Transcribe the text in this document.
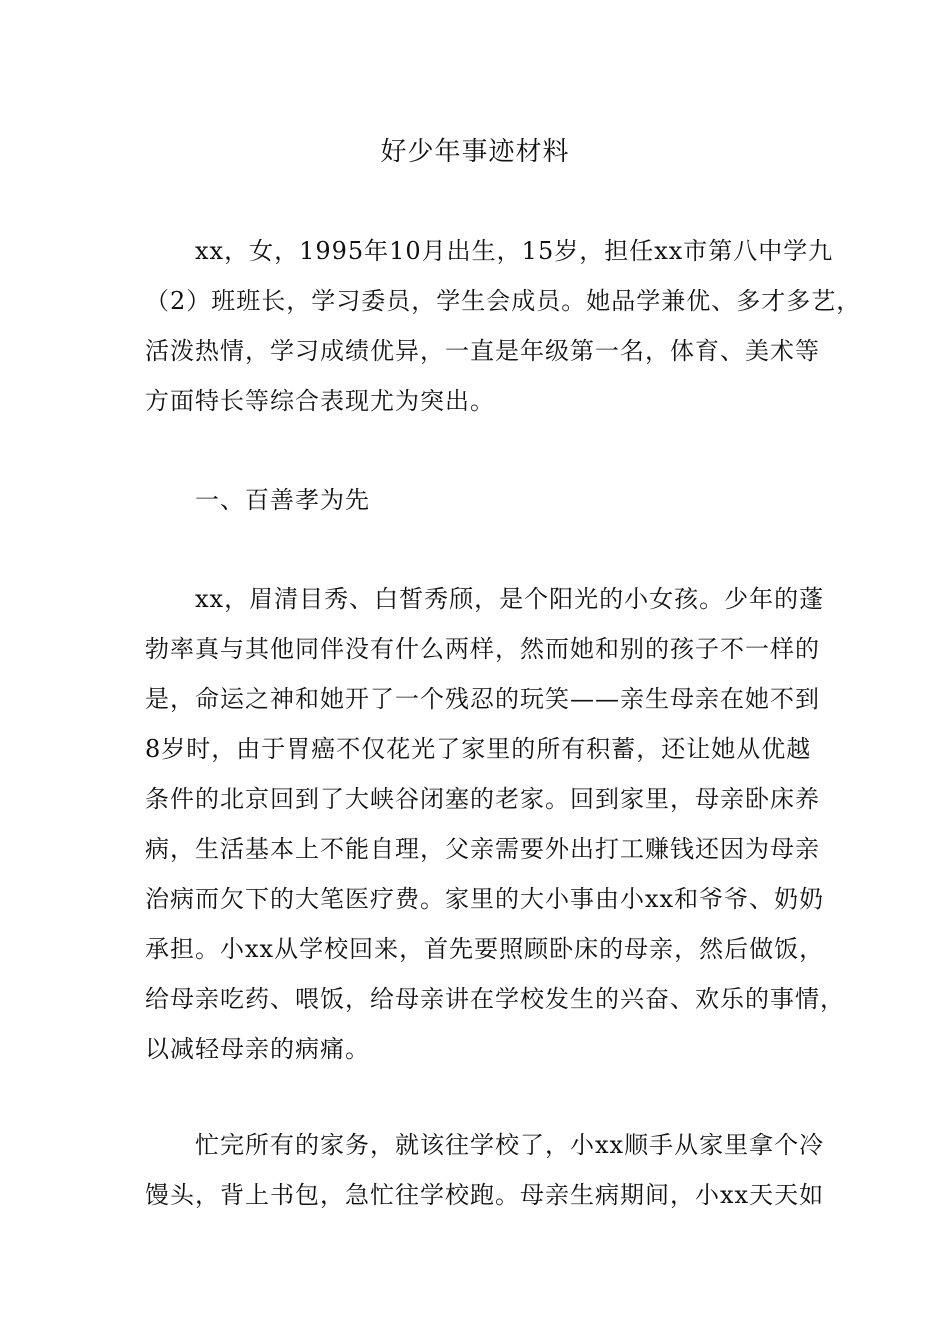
好少年事迹材料
xx，女，1995年10月出生，15岁，担任xx市第八中学九
（2）班班长，学习委员，学生会成员。她品学兼优、多才多艺，
活泼热情，学习成绩优异，一直是年级第一名，体育、美术等
方面特长等综合表现尤为突出。
一、百善孝为先
xx，眉清目秀、白皙秀颀，是个阳光的小女孩。少年的蓬
勃率真与其他同伴没有什么两样，然而她和别的孩子不一样的
是，命运之神和她开了一个残忍的玩笑——亲生母亲在她不到
8岁时，由于胃癌不仅花光了家里的所有积蓄，还让她从优越
条件的北京回到了大峡谷闭塞的老家。回到家里，母亲卧床养
病，生活基本上不能自理，父亲需要外出打工赚钱还因为母亲
治病而欠下的大笔医疗费。家里的大小事由小xx和爷爷、奶奶
承担。小xx从学校回来，首先要照顾卧床的母亲，然后做饭，
给母亲吃药、喂饭，给母亲讲在学校发生的兴奋、欢乐的事情，
以减轻母亲的病痛。
忙完所有的家务，就该往学校了，小xx顺手从家里拿个冷
馒头，背上书包，急忙往学校跑。母亲生病期间，小xx天天如
